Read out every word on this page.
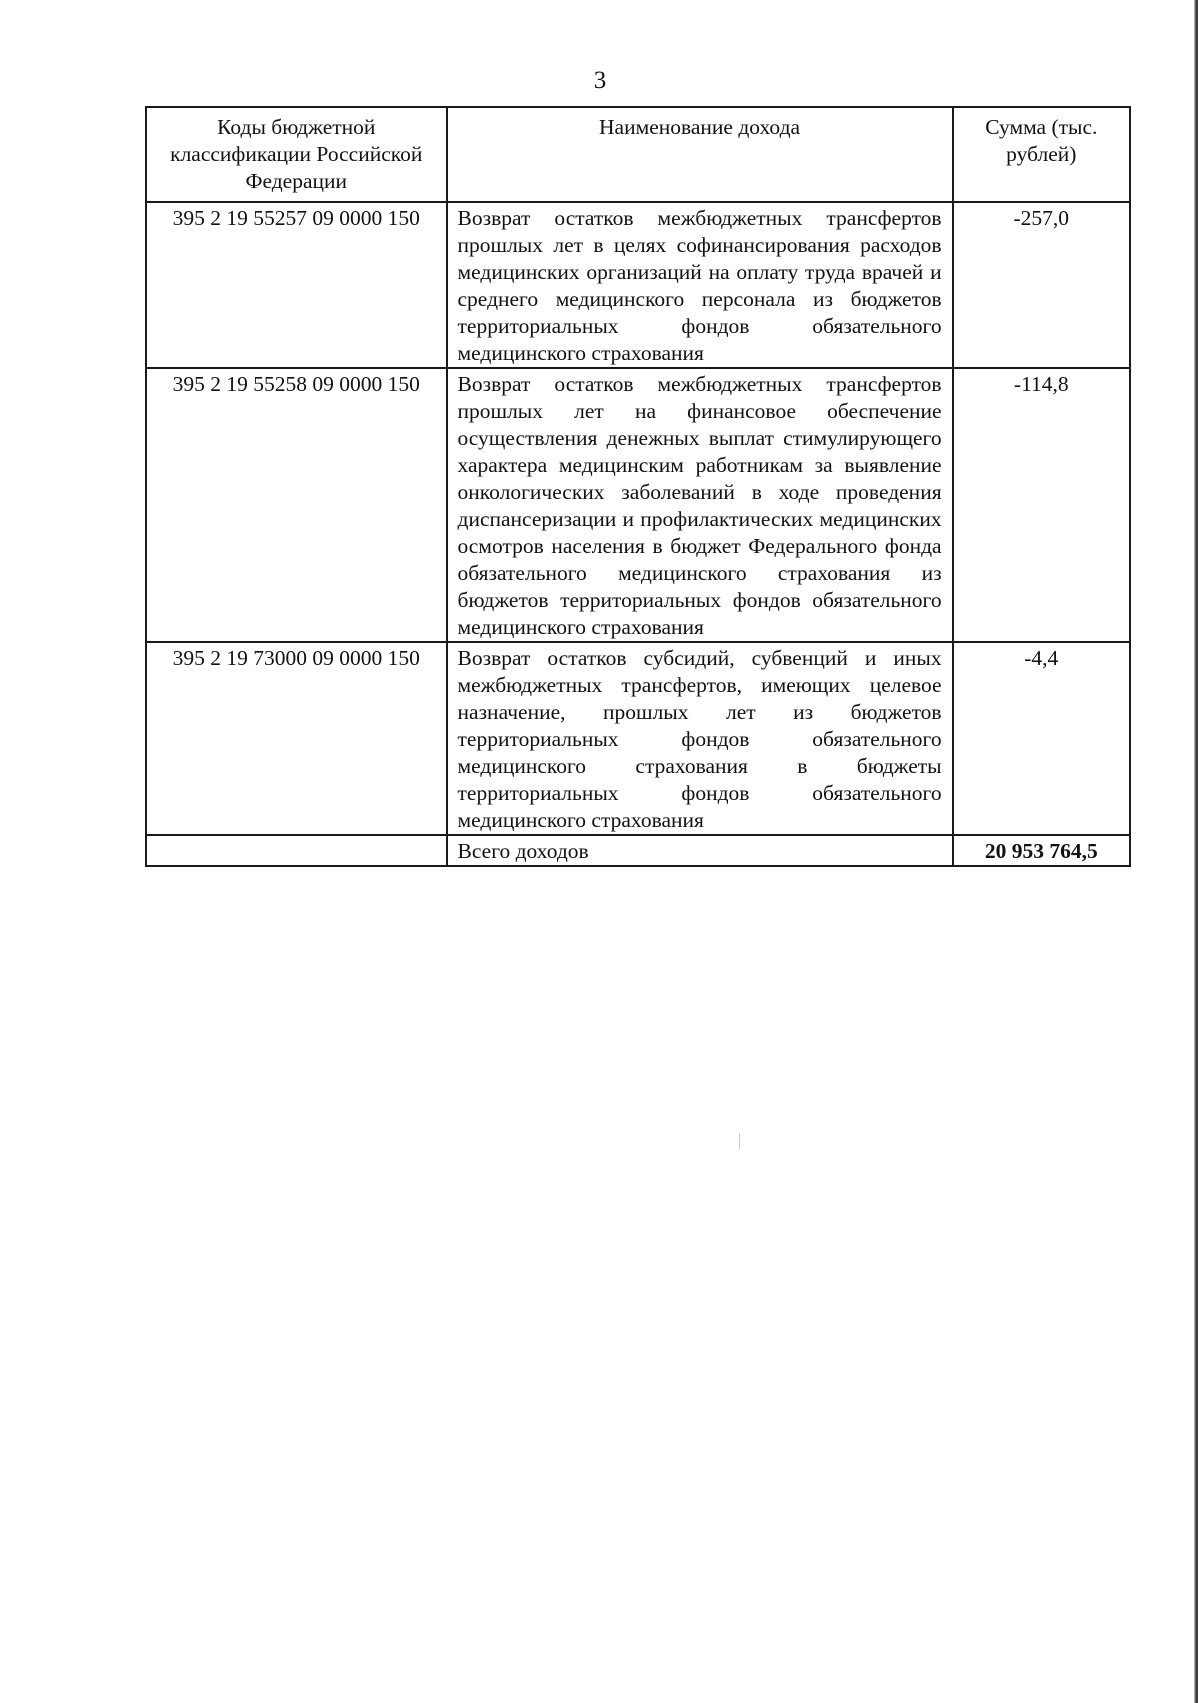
3
Коды бюджетной классификации Российской Федерации	Наименование дохода	Сумма (тыс. рублей)
395 2 19 55257 09 0000 150	Возврат остатков межбюджетных трансфертов прошлых лет в целях софинансирования расходов медицинских организаций на оплату труда врачей и среднего медицинского персонала из бюджетов территориальных фондов обязательного медицинского страхования	-257,0
395 2 19 55258 09 0000 150	Возврат остатков межбюджетных трансфертов прошлых лет на финансовое обеспечение осуществления денежных выплат стимулирующего характера медицинским работникам за выявление онкологических заболеваний в ходе проведения диспансеризации и профилактических медицинских осмотров населения в бюджет Федерального фонда обязательного медицинского страхования из бюджетов территориальных фондов обязательного медицинского страхования	-114,8
395 2 19 73000 09 0000 150	Возврат остатков субсидий, субвенций и иных межбюджетных трансфертов, имеющих целевое назначение, прошлых лет из бюджетов территориальных фондов обязательного медицинского страхования в бюджеты территориальных фондов обязательного медицинского страхования	-4,4
	Всего доходов	20 953 764,5
